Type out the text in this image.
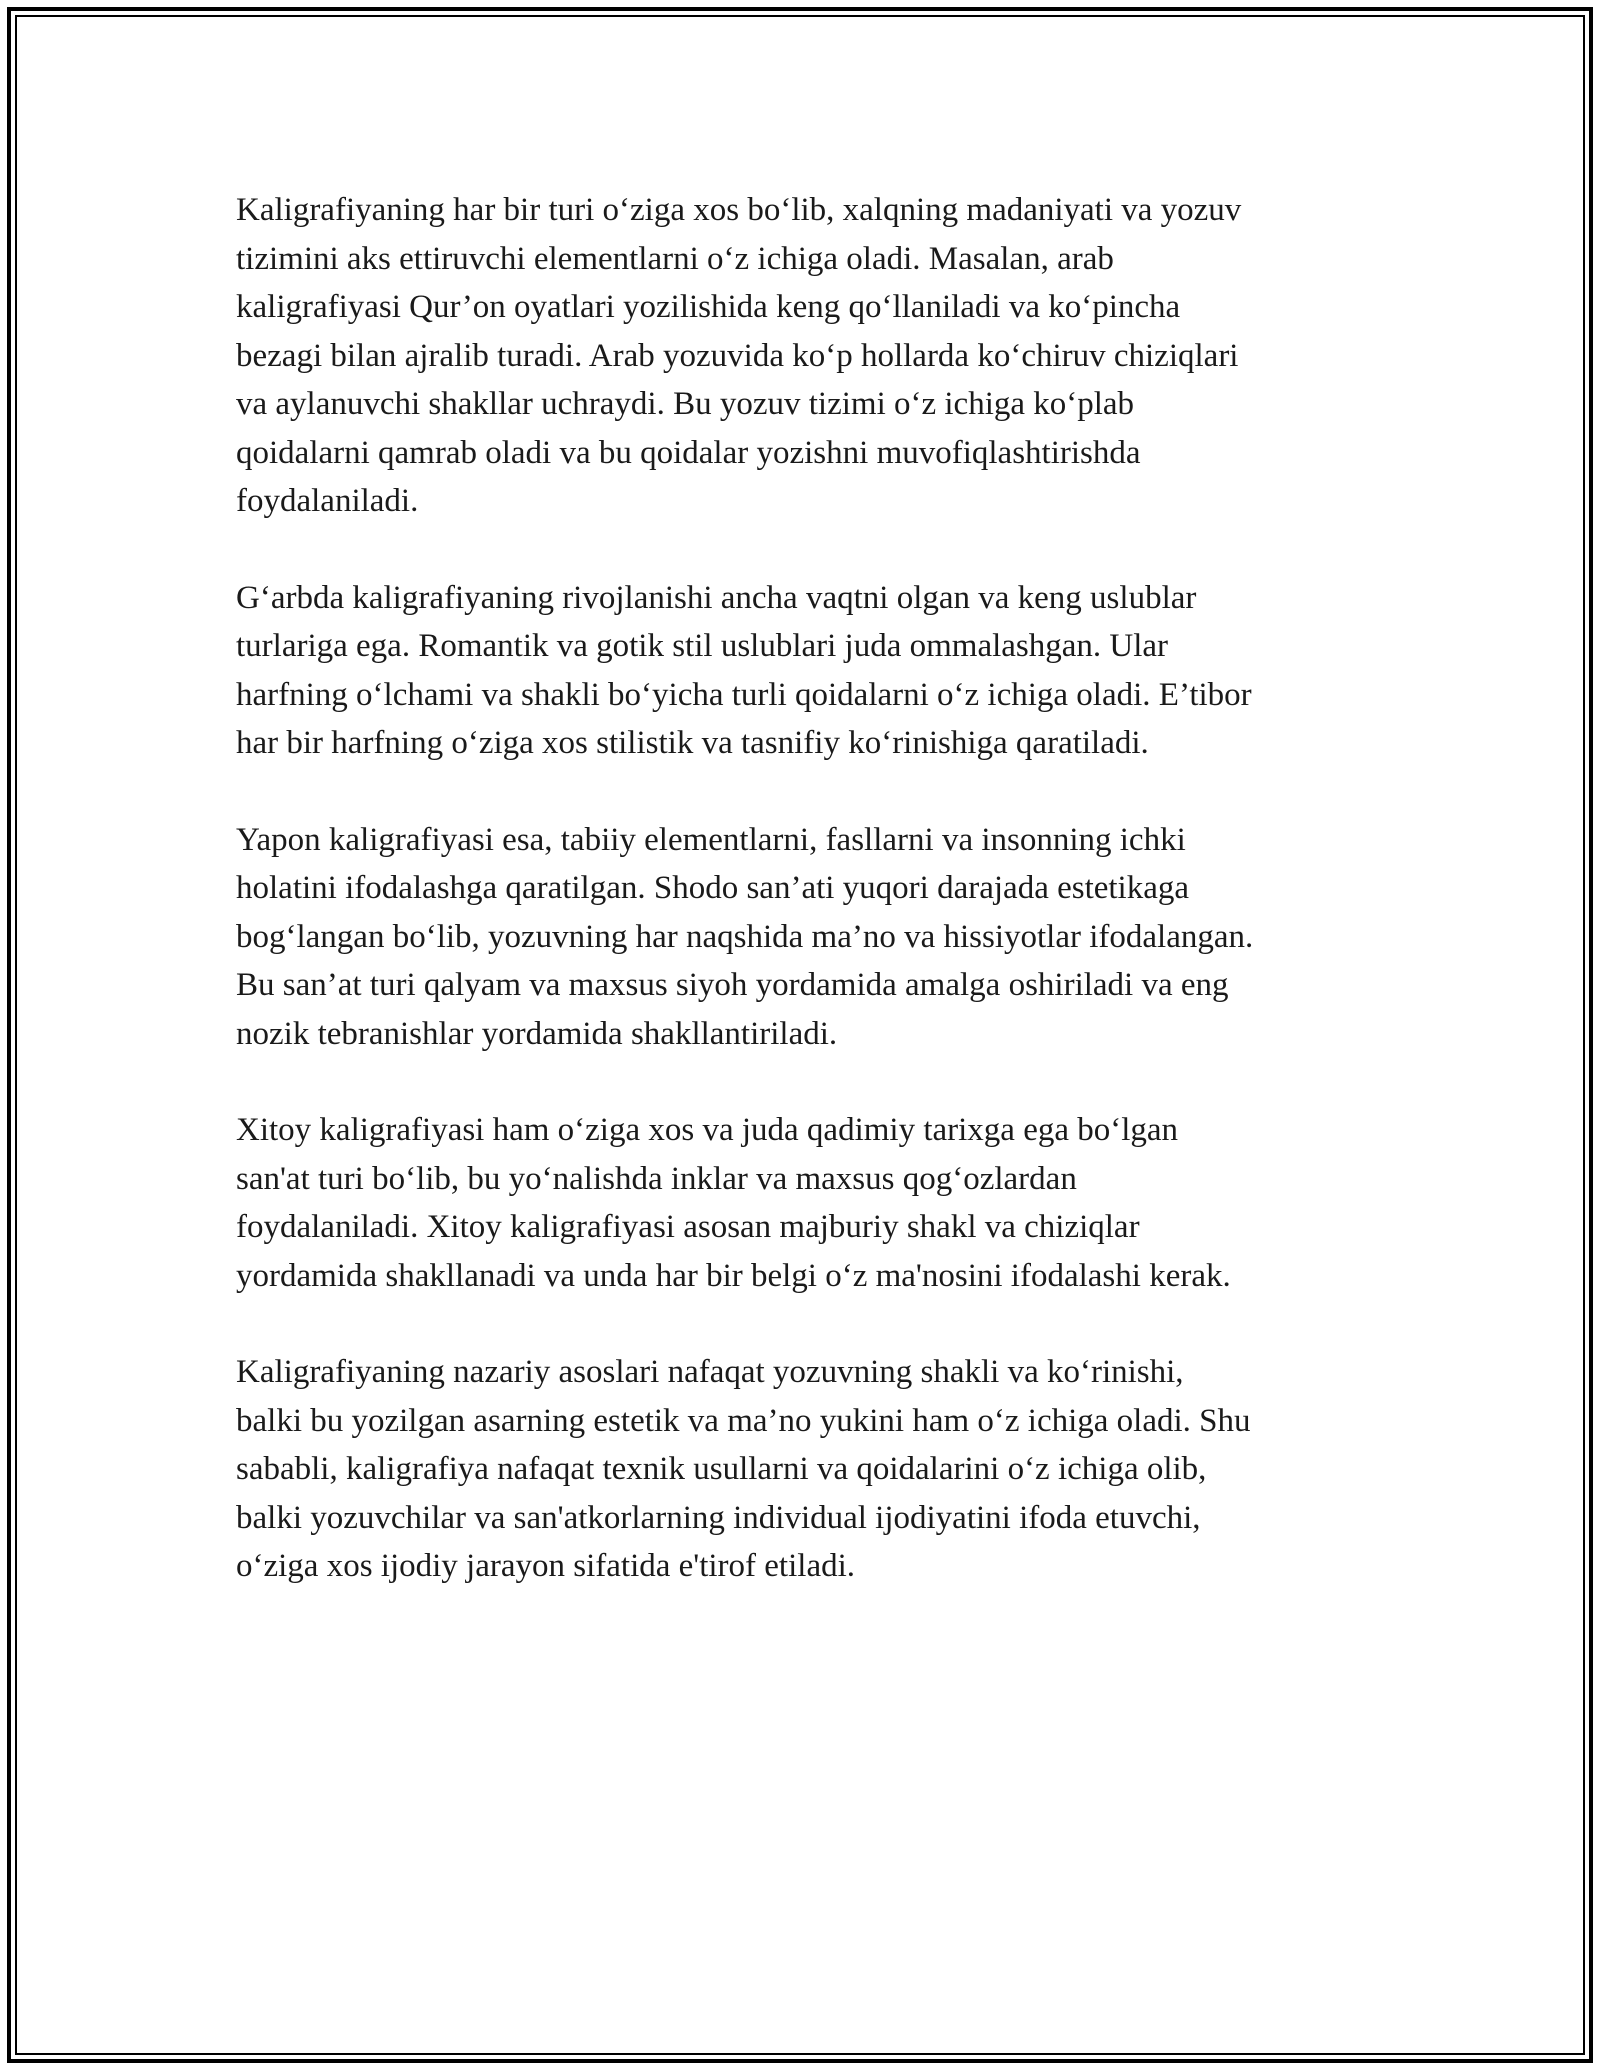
Kaligrafiyaning har bir turi o‘ziga xos bo‘lib, xalqning madaniyati va yozuv
tizimini aks ettiruvchi elementlarni o‘z ichiga oladi. Masalan, arab
kaligrafiyasi Qur’on oyatlari yozilishida keng qo‘llaniladi va ko‘pincha
bezagi bilan ajralib turadi. Arab yozuvida ko‘p hollarda ko‘chiruv chiziqlari
va aylanuvchi shakllar uchraydi. Bu yozuv tizimi o‘z ichiga ko‘plab
qoidalarni qamrab oladi va bu qoidalar yozishni muvofiqlashtirishda
foydalaniladi.

G‘arbda kaligrafiyaning rivojlanishi ancha vaqtni olgan va keng uslublar
turlariga ega. Romantik va gotik stil uslublari juda ommalashgan. Ular
harfning o‘lchami va shakli bo‘yicha turli qoidalarni o‘z ichiga oladi. E’tibor
har bir harfning o‘ziga xos stilistik va tasnifiy ko‘rinishiga qaratiladi.

Yapon kaligrafiyasi esa, tabiiy elementlarni, fasllarni va insonning ichki
holatini ifodalashga qaratilgan. Shodo san’ati yuqori darajada estetikaga
bog‘langan bo‘lib, yozuvning har naqshida ma’no va hissiyotlar ifodalangan.
Bu san’at turi qalyam va maxsus siyoh yordamida amalga oshiriladi va eng
nozik tebranishlar yordamida shakllantiriladi.

Xitoy kaligrafiyasi ham o‘ziga xos va juda qadimiy tarixga ega bo‘lgan
san'at turi bo‘lib, bu yo‘nalishda inklar va maxsus qog‘ozlardan
foydalaniladi. Xitoy kaligrafiyasi asosan majburiy shakl va chiziqlar
yordamida shakllanadi va unda har bir belgi o‘z ma'nosini ifodalashi kerak.

Kaligrafiyaning nazariy asoslari nafaqat yozuvning shakli va ko‘rinishi,
balki bu yozilgan asarning estetik va ma’no yukini ham o‘z ichiga oladi. Shu
sababli, kaligrafiya nafaqat texnik usullarni va qoidalarini o‘z ichiga olib,
balki yozuvchilar va san'atkorlarning individual ijodiyatini ifoda etuvchi,
o‘ziga xos ijodiy jarayon sifatida e'tirof etiladi.
